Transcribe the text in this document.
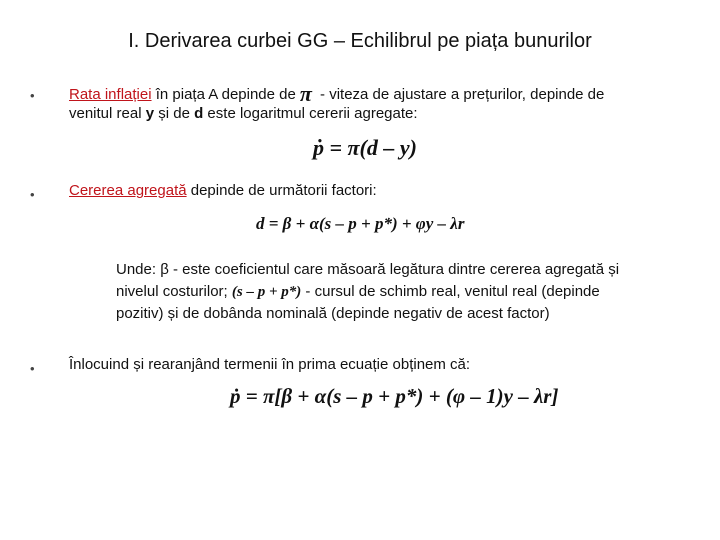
I. Derivarea curbei GG – Echilibrul pe piața bunurilor
• Rata inflației în piața A depinde de π - viteza de ajustare a prețurilor, depinde de
venitul real y și de d este logaritmul cererii agregate:
ṗ = π(d – y)
• Cererea agregată depinde de următorii factori:
d = β + α(s – p + p*) + φy – λr
Unde: β - este coeficientul care măsoară legătura dintre cererea agregată și
nivelul costurilor; (s – p + p*) - cursul de schimb real, venitul real (depinde
pozitiv) și de dobânda nominală (depinde negativ de acest factor)
• Înlocuind și rearanjând termenii în prima ecuație obținem că:
ṗ = π[β + α(s – p + p*) + (φ – 1)y – λr]
